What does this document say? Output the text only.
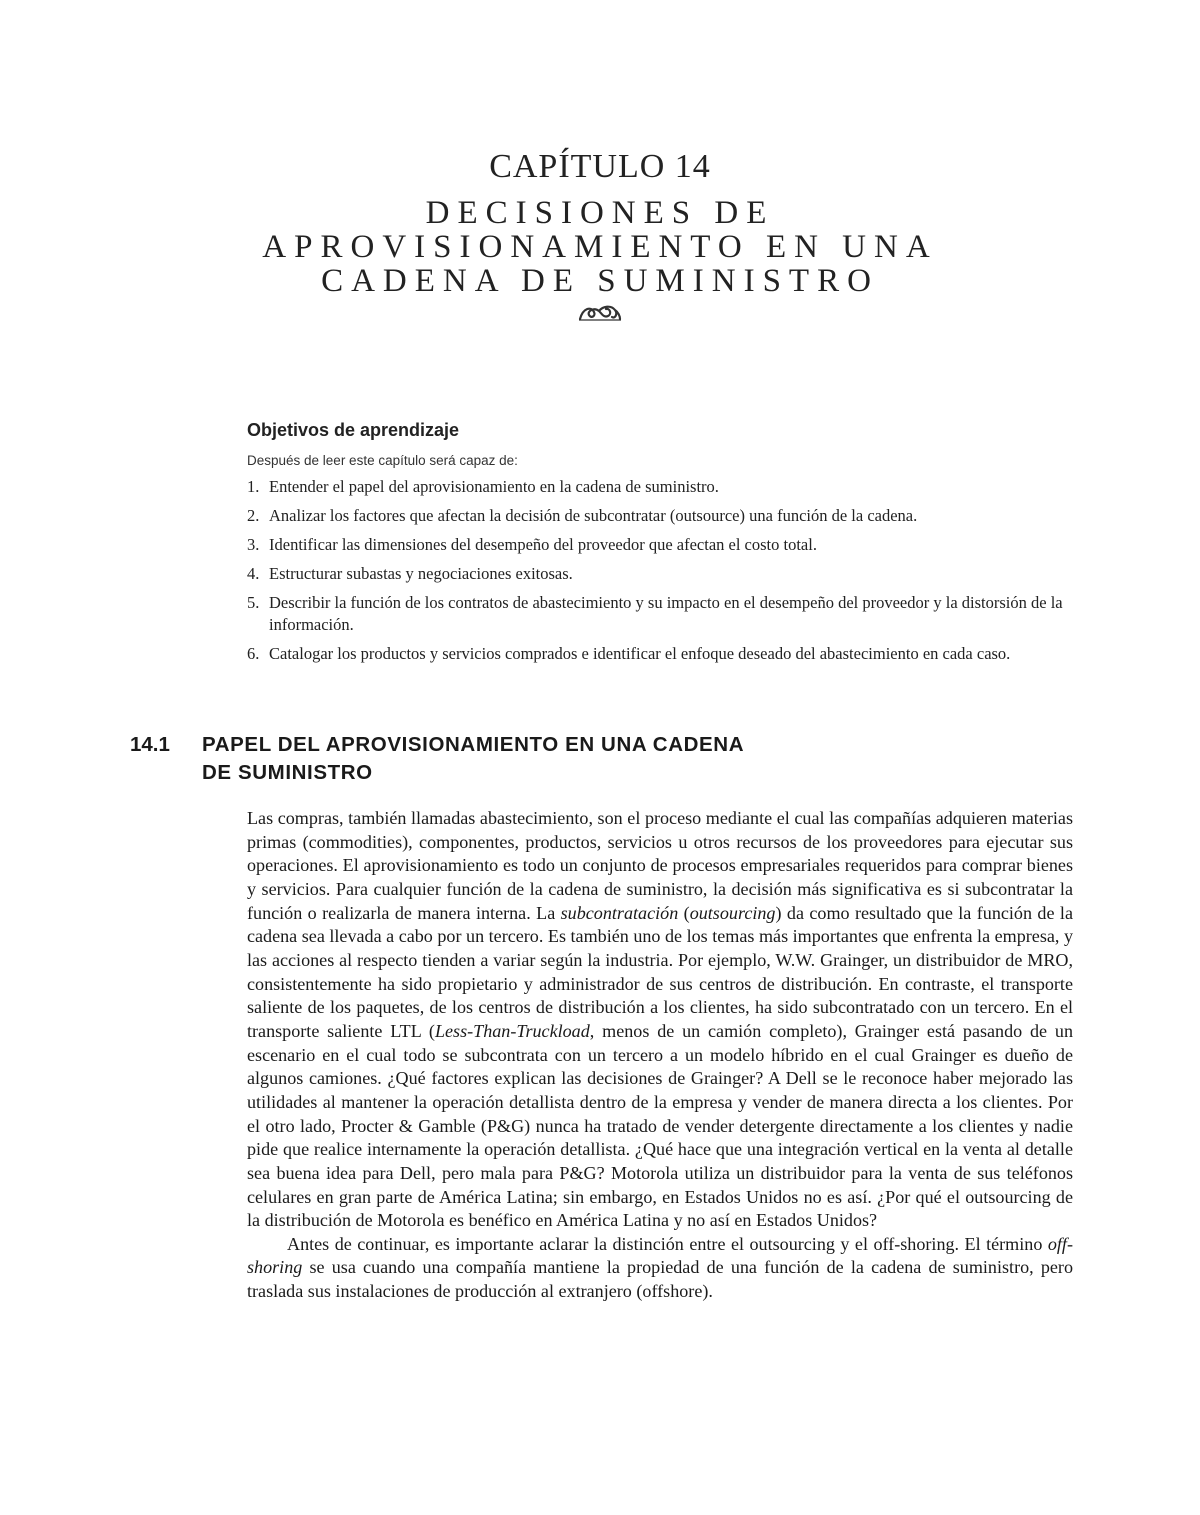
CAPÍTULO 14
DECISIONES DE
APROVISIONAMIENTO EN UNA
CADENA DE SUMINISTRO
Objetivos de aprendizaje
Después de leer este capítulo será capaz de:
1. Entender el papel del aprovisionamiento en la cadena de suministro.
2. Analizar los factores que afectan la decisión de subcontratar (outsource) una función de la cadena.
3. Identificar las dimensiones del desempeño del proveedor que afectan el costo total.
4. Estructurar subastas y negociaciones exitosas.
5. Describir la función de los contratos de abastecimiento y su impacto en el desempeño del proveedor y la distorsión de la información.
6. Catalogar los productos y servicios comprados e identificar el enfoque deseado del abastecimiento en cada caso.
14.1	PAPEL DEL APROVISIONAMIENTO EN UNA CADENA
DE SUMINISTRO

Las compras, también llamadas abastecimiento, son el proceso mediante el cual las compañías adquieren materias primas (commodities), componentes, productos, servicios u otros recursos de los proveedores para ejecutar sus operaciones. El aprovisionamiento es todo un conjunto de procesos empresariales requeridos para comprar bienes y servicios. Para cualquier función de la cadena de suministro, la decisión más significativa es si subcontratar la función o realizarla de manera interna. La subcontratación (outsourcing) da como resultado que la función de la cadena sea llevada a cabo por un tercero. Es también uno de los temas más importantes que enfrenta la empresa, y las acciones al respecto tienden a variar según la industria. Por ejemplo, W.W. Grainger, un distribuidor de MRO, consistentemente ha sido propietario y administrador de sus centros de distribución. En contraste, el transporte saliente de los paquetes, de los centros de distribución a los clientes, ha sido subcontratado con un tercero. En el transporte saliente LTL (Less-Than-Truckload, menos de un camión completo), Grainger está pasando de un escenario en el cual todo se subcontrata con un tercero a un modelo híbrido en el cual Grainger es dueño de algunos camiones. ¿Qué factores explican las decisiones de Grainger? A Dell se le reconoce haber mejorado las utilidades al mantener la operación detallista dentro de la empresa y vender de manera directa a los clientes. Por el otro lado, Procter & Gamble (P&G) nunca ha tratado de vender detergente directamente a los clientes y nadie pide que realice internamente la operación detallista. ¿Qué hace que una integración vertical en la venta al detalle sea buena idea para Dell, pero mala para P&G? Motorola utiliza un distribuidor para la venta de sus teléfonos celulares en gran parte de América Latina; sin embargo, en Estados Unidos no es así. ¿Por qué el outsourcing de la distribución de Motorola es benéfico en América Latina y no así en Estados Unidos?

Antes de continuar, es importante aclarar la distinción entre el outsourcing y el off-shoring. El término off-shoring se usa cuando una compañía mantiene la propiedad de una función de la cadena de suministro, pero traslada sus instalaciones de producción al extranjero (offshore).
